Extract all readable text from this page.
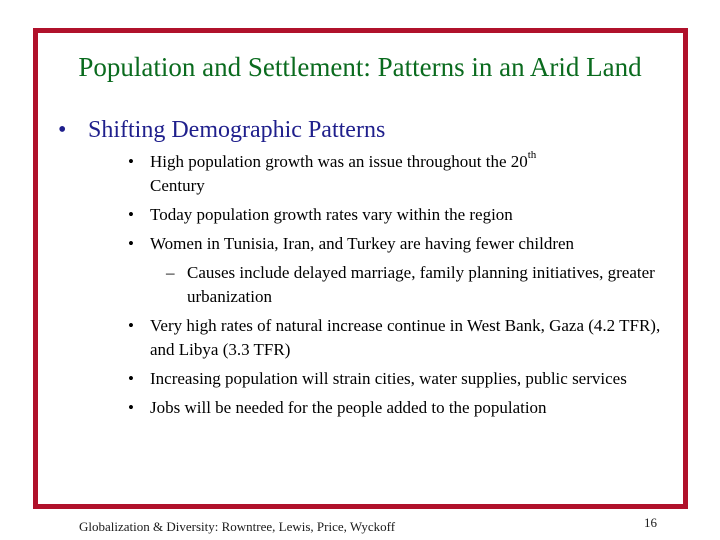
Population and Settlement: Patterns in an Arid Land
• Shifting Demographic Patterns
• High population growth was an issue throughout the 20th
Century
• Today population growth rates vary within the region
• Women in Tunisia, Iran, and Turkey are having fewer children
– Causes include delayed marriage, family planning initiatives, greater urbanization
• Very high rates of natural increase continue in West Bank, Gaza (4.2 TFR), and Libya (3.3 TFR)
• Increasing population will strain cities, water supplies, public services
• Jobs will be needed for the people added to the population
Globalization & Diversity: Rowntree, Lewis, Price, Wyckoff	16
